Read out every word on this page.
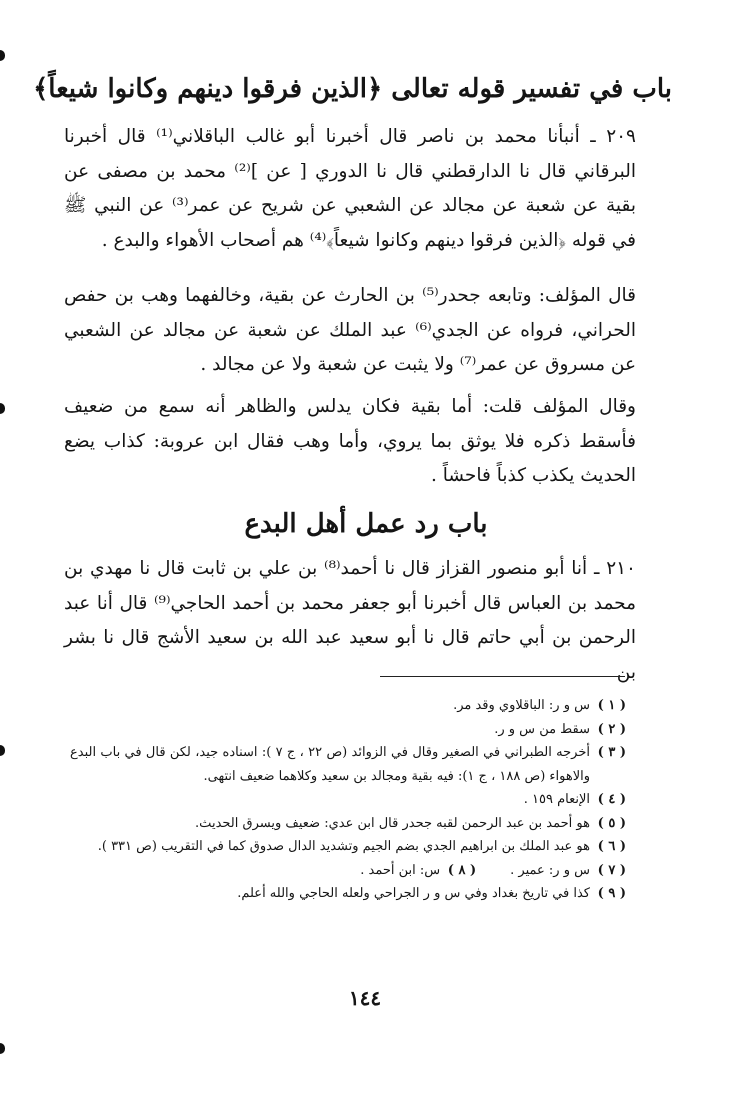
باب في تفسير قوله تعالى ﴿الذين فرقوا دينهم وكانوا شيعاً﴾
٢٠٩ ـ أنبأنا محمد بن ناصر قال أخبرنا أبو غالب الباقلاني⁽¹⁾ قال أخبرنا البرقاني قال نا الدارقطني قال نا الدوري [ عن ]⁽²⁾ محمد بن مصفى عن بقية عن شعبة عن مجالد عن الشعبي عن شريح عن عمر⁽³⁾ عن النبي ﷺ في قوله ﴿الذين فرقوا دينهم وكانوا شيعاً﴾⁽⁴⁾ هم أصحاب الأهواء والبدع .
قال المؤلف: وتابعه جحدر⁽⁵⁾ بن الحارث عن بقية، وخالفهما وهب بن حفص الحراني، فرواه عن الجدي⁽⁶⁾ عبد الملك عن شعبة عن مجالد عن الشعبي عن مسروق عن عمر⁽⁷⁾ ولا يثبت عن شعبة ولا عن مجالد .
وقال المؤلف قلت: أما بقية فكان يدلس والظاهر أنه سمع من ضعيف فأسقط ذكره فلا يوثق بما يروي، وأما وهب فقال ابن عروبة: كذاب يضع الحديث يكذب كذباً فاحشاً .
باب رد عمل أهل البدع
٢١٠ ـ أنا أبو منصور القزاز قال نا أحمد⁽⁸⁾ بن علي بن ثابت قال نا مهدي بن محمد بن العباس قال أخبرنا أبو جعفر محمد بن أحمد الحاجي⁽⁹⁾ قال أنا عبد الرحمن بن أبي حاتم قال نا أبو سعيد عبد الله بن سعيد الأشج قال نا بشر بن
( ١ )
س و ر: الباقلاوي وقد مر.
( ٢ )
سقط من س و ر.
( ٣ )
أخرجه الطبراني في الصغير وقال في الزوائد (ص ٢٢ ، ج ٧ ): اسناده جيد، لكن قال في باب البدع والاهواء (ص ١٨٨ ، ج ١): فيه بقية ومجالد بن سعيد وكلاهما ضعيف انتهى.
( ٤ )
الإنعام ١٥٩ .
( ٥ )
هو أحمد بن عبد الرحمن لقبه جحدر قال ابن عدي: ضعيف ويسرق الحديث.
( ٦ )
هو عبد الملك بن ابراهيم الجدي بضم الجيم وتشديد الدال صدوق كما في التقريب (ص ٣٣١ ).
( ٧ )
س و ر: عمير .
( ٨ )
س: ابن أحمد .
( ٩ )
كذا في تاريخ بغداد وفي س و ر الجراحي ولعله الحاجي والله أعلم.
١٤٤
